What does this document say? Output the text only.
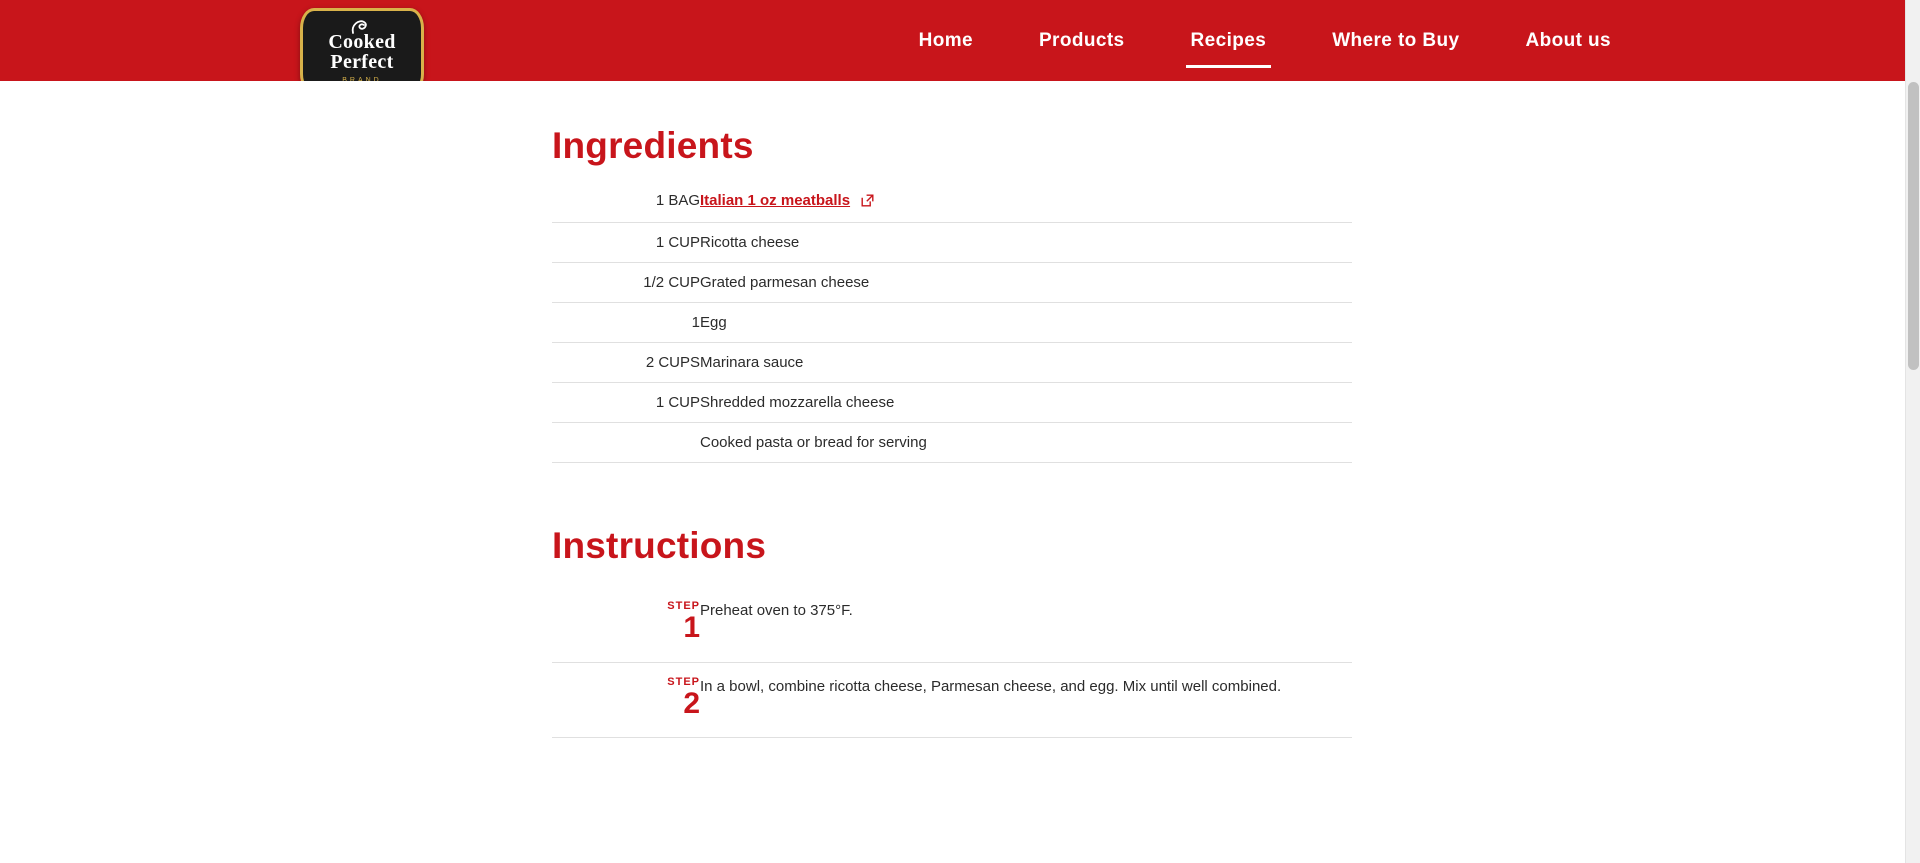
Cooked
Perfect
Home	Products	Recipes	Where to Buy	About us
Ingredients
1 BAG	Italian 1 oz meatballs
1 CUP	Ricotta cheese
1/2 CUP	Grated parmesan cheese
1	Egg
2 CUPS	Marinara sauce
1 CUP	Shredded mozzarella cheese
	Cooked pasta or bread for serving
Instructions
STEP
1	Preheat oven to 375°F.

STEP
2	In a bowl, combine ricotta cheese, Parmesan cheese, and egg. Mix until well combined.
